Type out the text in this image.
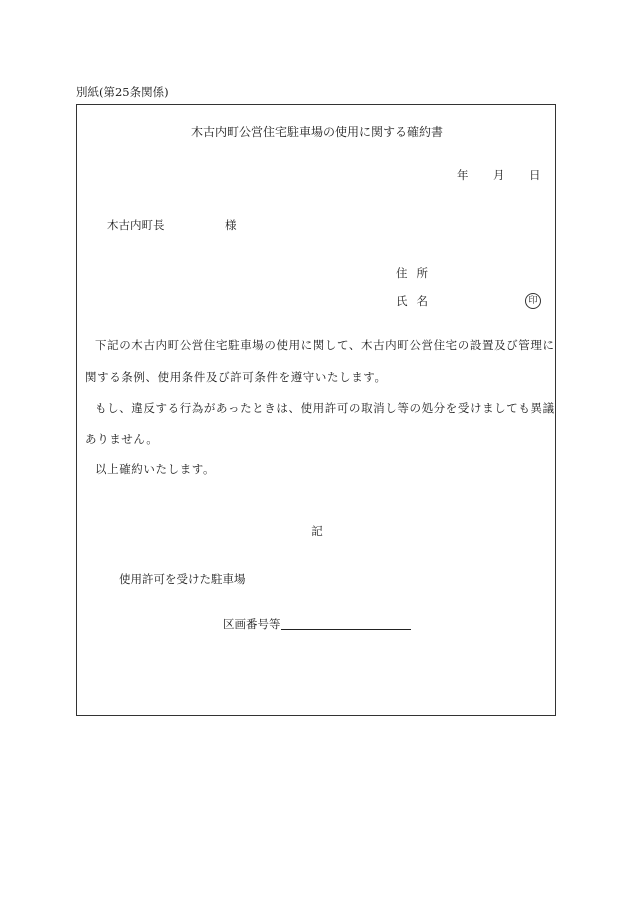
別紙(第25条関係)
木古内町公営住宅駐車場の使用に関する確約書
年 月 日
木古内町長	様
住所
氏名	印
下記の木古内町公営住宅駐車場の使用に関して、木古内町公営住宅の設置及び管理に
関する条例、使用条件及び許可条件を遵守いたします。
もし、違反する行為があったときは、使用許可の取消し等の処分を受けましても異議
ありません。
以上確約いたします。
記
使用許可を受けた駐車場
区画番号等
